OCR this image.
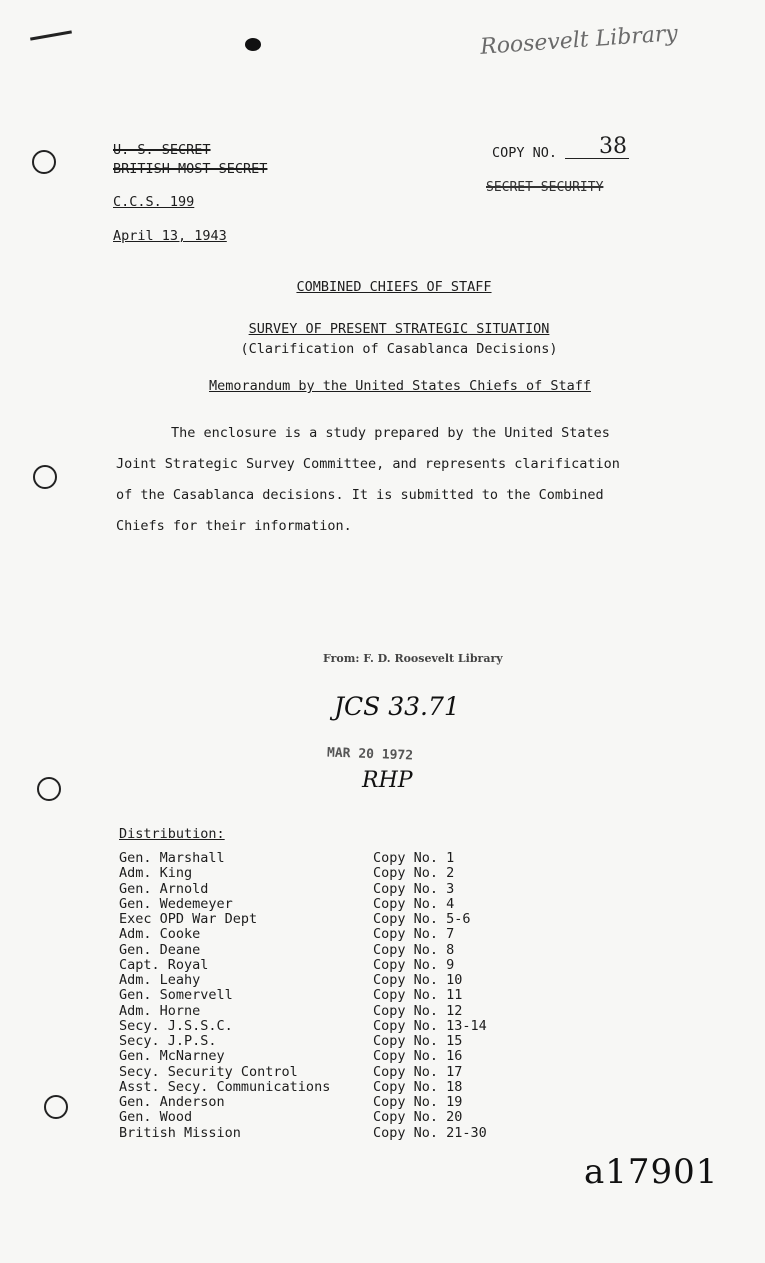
Roosevelt Library
U. S. SECRET
BRITISH MOST SECRET
C.C.S. 199
April 13, 1943
COPY NO. 38
SECRET SECURITY
COMBINED CHIEFS OF STAFF
SURVEY OF PRESENT STRATEGIC SITUATION
(Clarification of Casablanca Decisions)
Memorandum by the United States Chiefs of Staff
The enclosure is a study prepared by the United States
Joint Strategic Survey Committee, and represents clarification
of the Casablanca decisions. It is submitted to the Combined
Chiefs for their information.
From: F. D. Roosevelt Library
JCS 33.71
MAR 20 1972
RHP
Distribution:
Gen. Marshall	Copy No. 1
Adm. King	Copy No. 2
Gen. Arnold	Copy No. 3
Gen. Wedemeyer	Copy No. 4
Exec OPD War Dept	Copy No. 5-6
Adm. Cooke	Copy No. 7
Gen. Deane	Copy No. 8
Capt. Royal	Copy No. 9
Adm. Leahy	Copy No. 10
Gen. Somervell	Copy No. 11
Adm. Horne	Copy No. 12
Secy. J.S.S.C.	Copy No. 13-14
Secy. J.P.S.	Copy No. 15
Gen. McNarney	Copy No. 16
Secy. Security Control	Copy No. 17
Asst. Secy. Communications	Copy No. 18
Gen. Anderson	Copy No. 19
Gen. Wood	Copy No. 20
British Mission	Copy No. 21-30
a17901
